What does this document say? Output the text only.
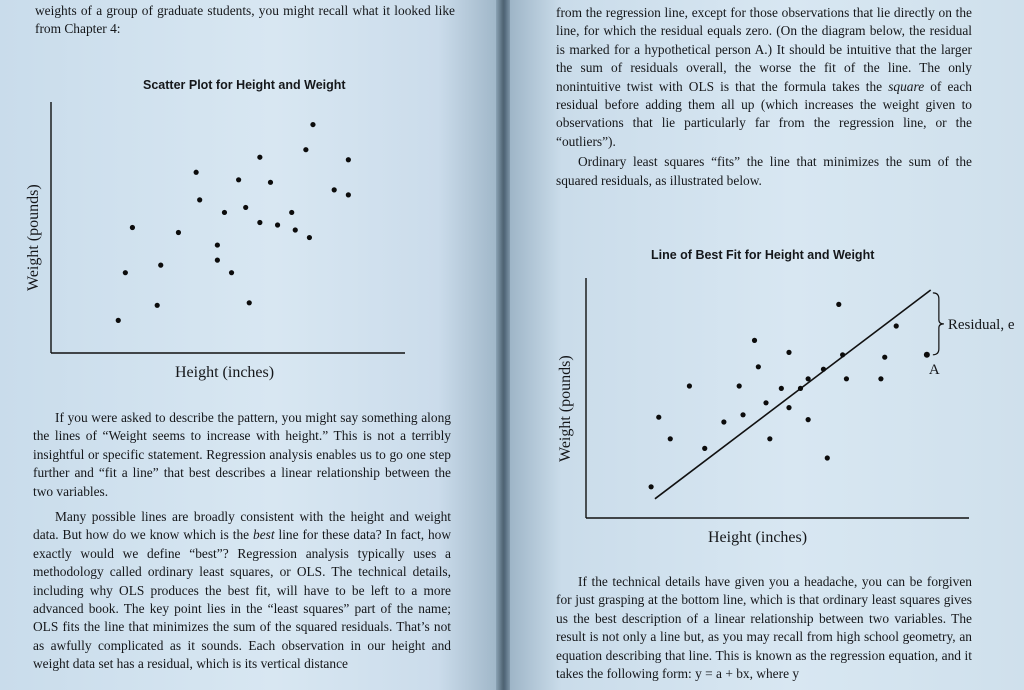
weights of a group of graduate students, you might recall what it looked like from Chapter 4:

Scatter Plot for Height and Weight
Height (inches)
Weight (pounds)

If you were asked to describe the pattern, you might say something along the lines of “Weight seems to increase with height.” This is not a terribly insightful or specific statement. Regression analysis enables us to go one step further and “fit a line” that best describes a linear relationship between the two variables.

Many possible lines are broadly consistent with the height and weight data. But how do we know which is the best line for these data? In fact, how exactly would we define “best”? Regression analysis typically uses a methodology called ordinary least squares, or OLS. The technical details, including why OLS produces the best fit, will have to be left to a more advanced book. The key point lies in the “least squares” part of the name; OLS fits the line that minimizes the sum of the squared residuals. That’s not as awfully complicated as it sounds. Each observation in our height and weight data set has a residual, which is its vertical distance

from the regression line, except for those observations that lie directly on the line, for which the residual equals zero. (On the diagram below, the residual is marked for a hypothetical person A.) It should be intuitive that the larger the sum of residuals overall, the worse the fit of the line. The only nonintuitive twist with OLS is that the formula takes the square of each residual before adding them all up (which increases the weight given to observations that lie particularly far from the regression line, or the “outliers”).

Ordinary least squares “fits” the line that minimizes the sum of the squared residuals, as illustrated below.

Line of Best Fit for Height and Weight
Residual, e
A
Height (inches)
Weight (pounds)

If the technical details have given you a headache, you can be forgiven for just grasping at the bottom line, which is that ordinary least squares gives us the best description of a linear relationship between two variables. The result is not only a line but, as you may recall from high school geometry, an equation describing that line. This is known as the regression equation, and it takes the following form: y = a + bx, where y
